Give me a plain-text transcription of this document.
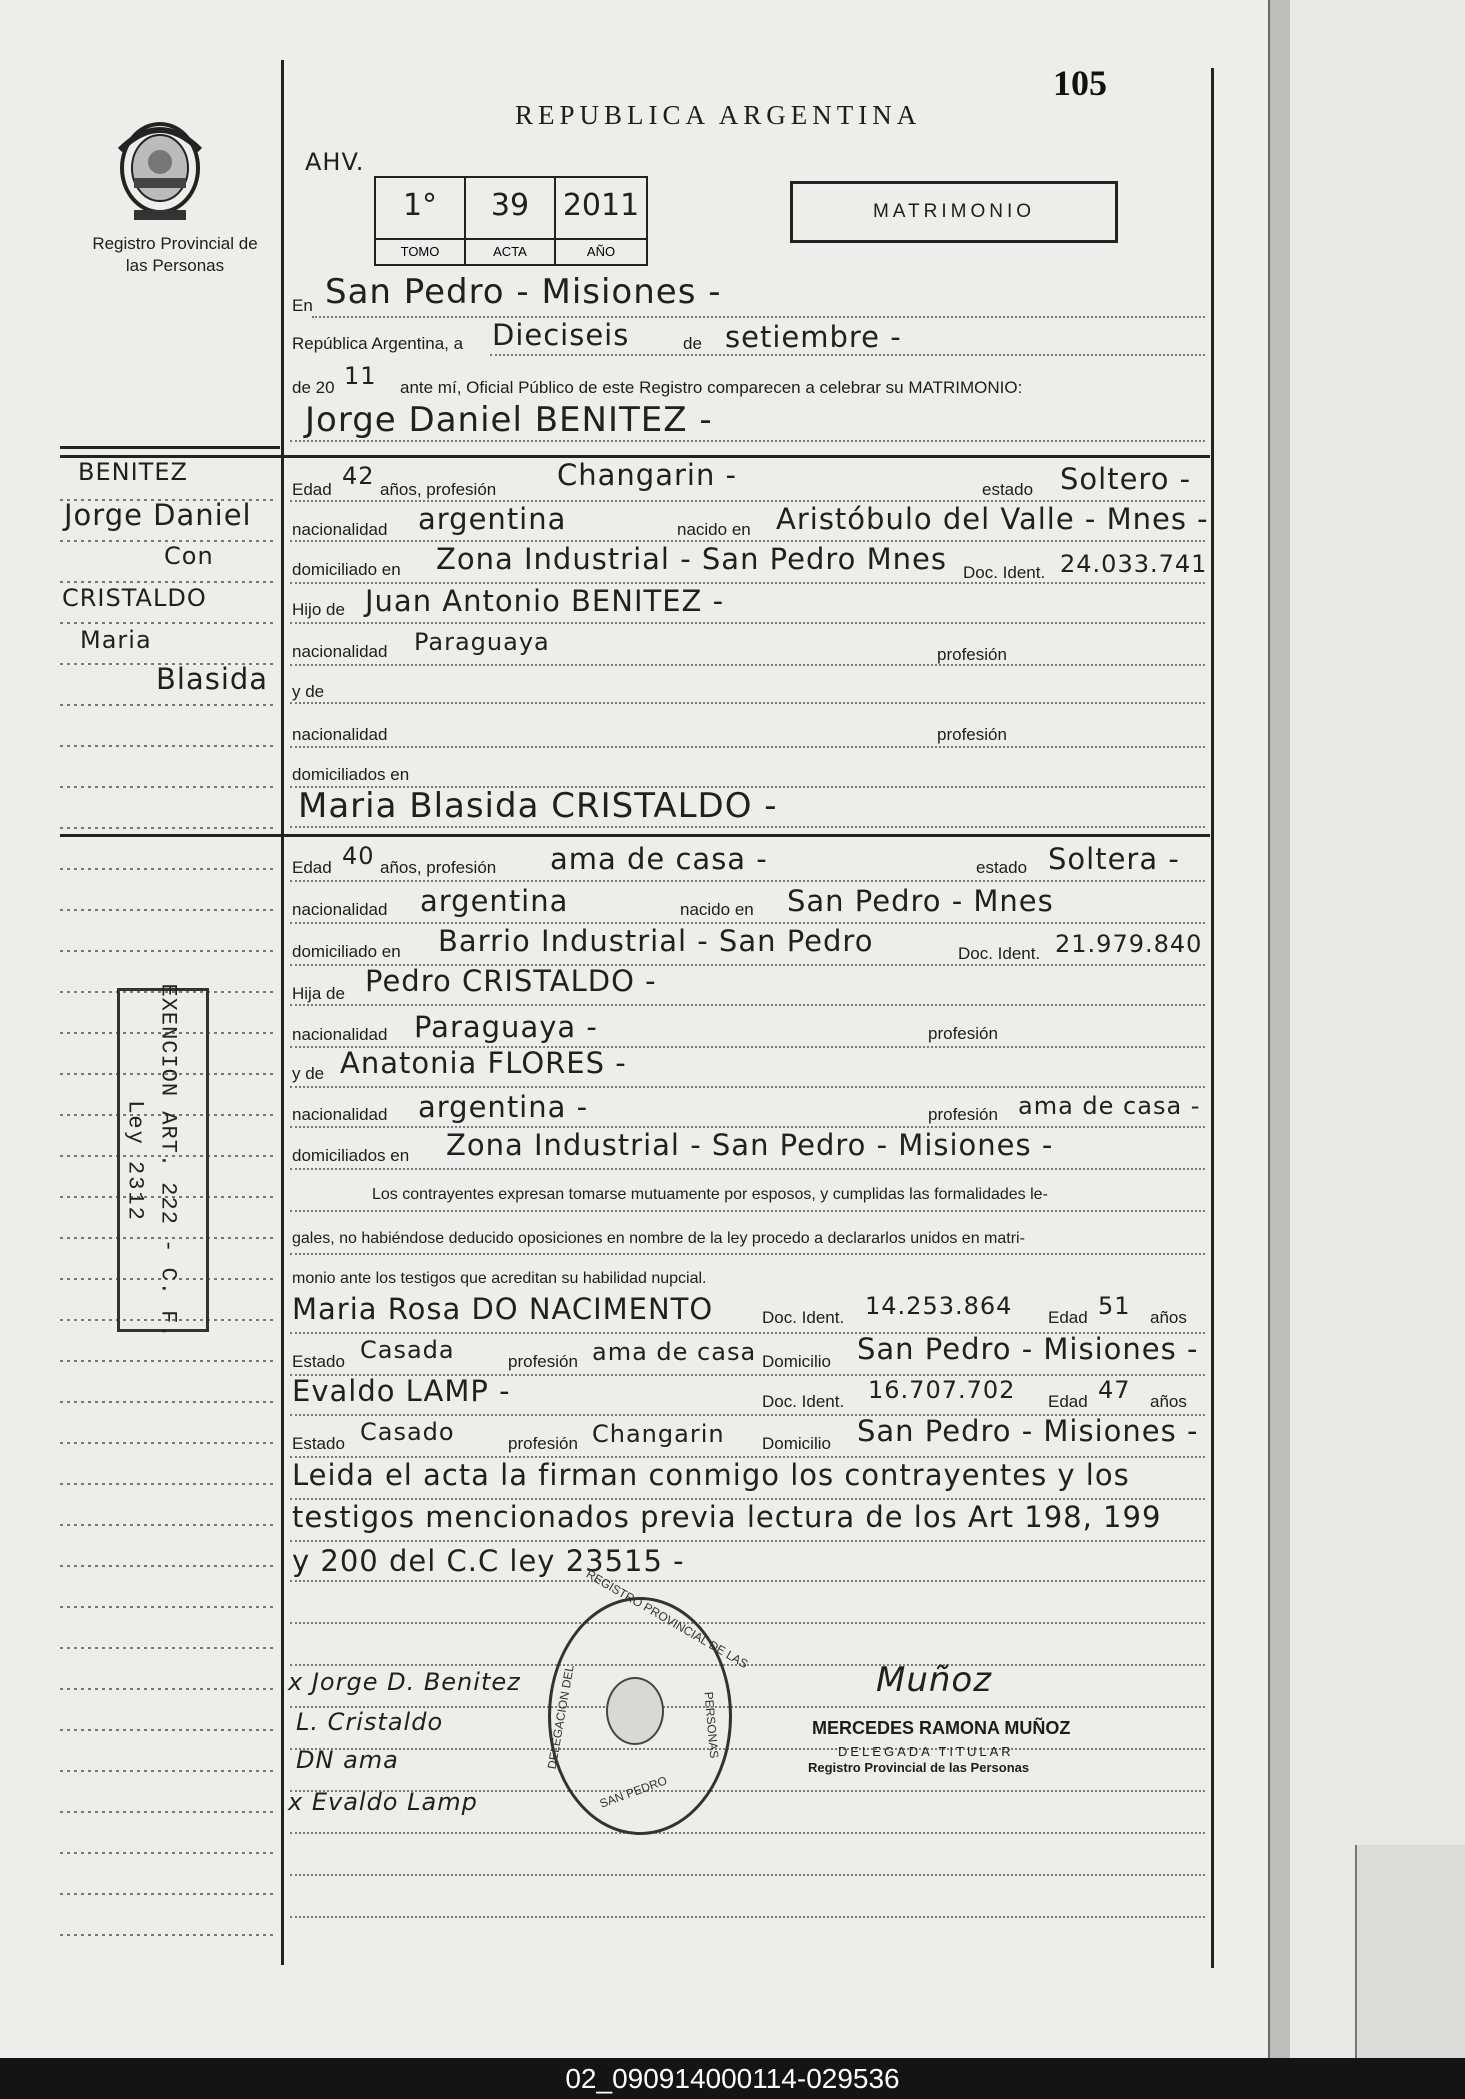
REPUBLICA ARGENTINA
105
AHV.
Registro Provincial de las Personas
1°
TOMO
39
ACTA
2011
AÑO
MATRIMONIO
En San Pedro - Misiones -
República Argentina, a Dieciseis	de setiembre -
de 20 11 ante mí, Oficial Público de este Registro comparecen a celebrar su MATRIMONIO:
Jorge Daniel BENITEZ -
Edad 42 años, profesión Changarin -	estado Soltero -
nacionalidad argentina	nacido en Aristóbulo del Valle - Mnes -
domiciliado en Zona Industrial - San Pedro Mnes Doc. Ident. 24.033.741
Hijo de Juan Antonio BENITEZ -
nacionalidad Paraguaya	profesión
y de
nacionalidad	profesión
domiciliados en
Maria Blasida CRISTALDO -
Edad 40 años, profesión ama de casa -	estado Soltera -
nacionalidad argentina	nacido en San Pedro - Mnes
domiciliado en Barrio Industrial - San Pedro	Doc. Ident. 21.979.840
Hija de Pedro CRISTALDO -
nacionalidad Paraguaya -	profesión
y de Anatonia FLORES -
nacionalidad argentina -	profesión ama de casa -
domiciliados en Zona Industrial - San Pedro - Misiones -
Los contrayentes expresan tomarse mutuamente por esposos, y cumplidas las formalidades le-
gales, no habiéndose deducido oposiciones en nombre de la ley procedo a declararlos unidos en matri-
monio ante los testigos que acreditan su habilidad nupcial.
Maria Rosa DO NACIMENTO	Doc. Ident. 14.253.864 Edad 51 años
Estado Casada	profesión ama de casa Domicilio San Pedro - Misiones -
Evaldo LAMP -	Doc. Ident. 16.707.702 Edad 47 años
Estado Casado	profesión Changarin Domicilio San Pedro - Misiones -
Leida el acta la firman conmigo los contrayentes y los
testigos mencionados previa lectura de los Art 198, 199
y 200 del C.C ley 23515 -
BENITEZ
Jorge Daniel
Con
CRISTALDO
Maria
Blasida
EXENCION ART. 222 - C. F.
Ley 2312
DELEGACION DEL
REGISTRO PROVINCIAL DE LAS
PERSONAS
SAN PEDRO
x Jorge D. Benitez
L. Cristaldo
DN ama
x Evaldo Lamp
Muñoz
MERCEDES RAMONA MUÑOZ
DELEGADA TITULAR
Registro Provincial de las Personas
02_090914000114-029536
